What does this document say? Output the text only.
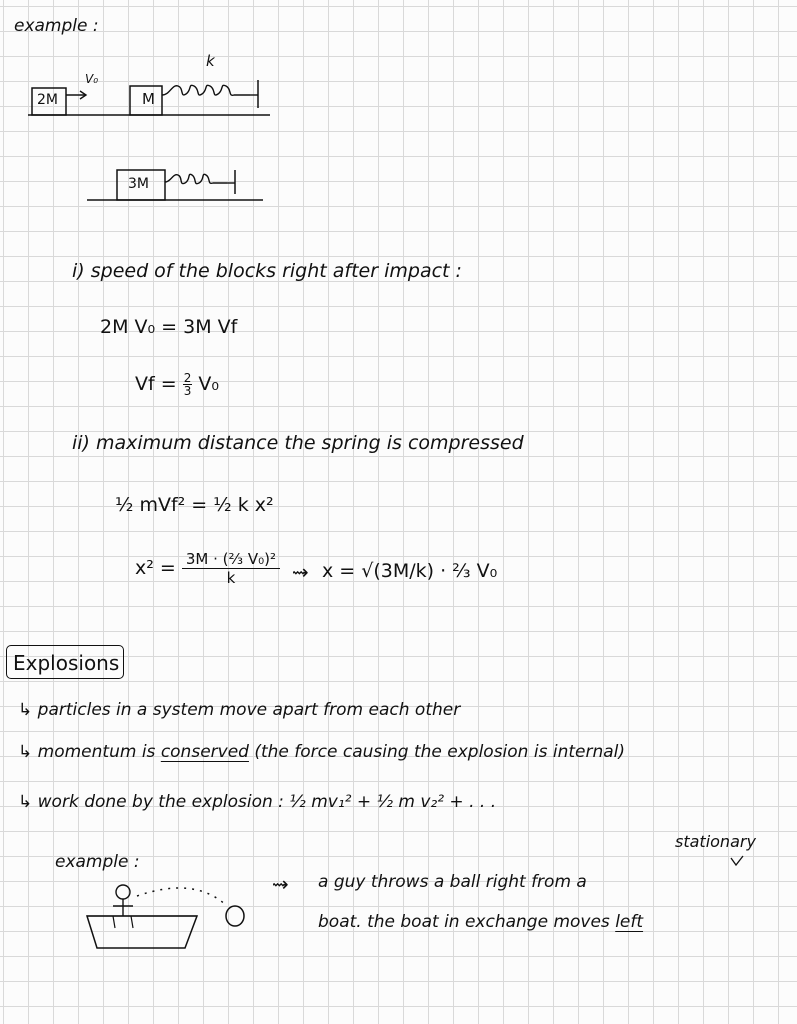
example :
2M
V₀
M
k
3M
i) speed of the blocks right after impact :
2M V₀ = 3M Vf
$Vf = \frac{2}{3} V_0$
ii) maximum distance the spring is compressed
½ mVf² = ½ k x²
$x^2 = \frac{\text{3M · (⅔ V₀)²}}{k}$ ⇝ x = √(3M/k) · ⅔ V₀
Explosions
↳ particles in a system move apart from each other
↳ momentum is conserved (the force causing the explosion is internal)
↳ work done by the explosion : ½ mv₁² + ½ m v₂² + . . .
stationary
example :
⇝ a guy throws a ball right from a
boat. the boat in exchange moves left
